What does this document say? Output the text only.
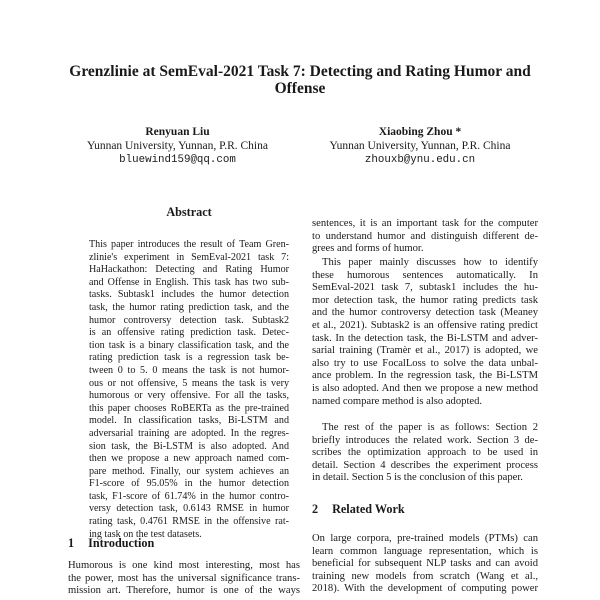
Grenzlinie at SemEval-2021 Task 7: Detecting and Rating Humor and
Offense
Renyuan Liu
Yunnan University, Yunnan, P.R. China
bluewind159@qq.com
Xiaobing Zhou *
Yunnan University, Yunnan, P.R. China
zhouxb@ynu.edu.cn
Abstract
This paper introduces the result of Team Gren-
zlinie's experiment in SemEval-2021 task 7:
HaHackathon: Detecting and Rating Humor
and Offense in English. This task has two sub-
tasks. Subtask1 includes the humor detection
task, the humor rating prediction task, and the
humor controversy detection task. Subtask2
is an offensive rating prediction task. Detec-
tion task is a binary classification task, and the
rating prediction task is a regression task be-
tween 0 to 5. 0 means the task is not humor-
ous or not offensive, 5 means the task is very
humorous or very offensive. For all the tasks,
this paper chooses RoBERTa as the pre-trained
model. In classification tasks, Bi-LSTM and
adversarial training are adopted. In the regres-
sion task, the Bi-LSTM is also adopted. And
then we propose a new approach named com-
pare method. Finally, our system achieves an
F1-score of 95.05% in the humor detection
task, F1-score of 61.74% in the humor contro-
versy detection task, 0.6143 RMSE in humor
rating task, 0.4761 RMSE in the offensive rat-
ing task on the test datasets.
1 Introduction
Humorous is one kind most interesting, most has
the power, most has the universal significance trans-
mission art. Therefore, humor is one of the ways
sentences, it is an important task for the computer
to understand humor and distinguish different de-
grees and forms of humor.
This paper mainly discusses how to identify
these humorous sentences automatically. In
SemEval-2021 task 7, subtask1 includes the hu-
mor detection task, the humor rating predicts task
and the humor controversy detection task (Meaney
et al., 2021). Subtask2 is an offensive rating predict
task. In the detection task, the Bi-LSTM and adver-
sarial training (Tramèr et al., 2017) is adopted, we
also try to use FocalLoss to solve the data unbal-
ance problem. In the regression task, the Bi-LSTM
is also adopted. And then we propose a new method
named compare method is also adopted.
The rest of the paper is as follows: Section 2
briefly introduces the related work. Section 3 de-
scribes the optimization approach to be used in
detail. Section 4 describes the experiment process
in detail. Section 5 is the conclusion of this paper.
2 Related Work
On large corpora, pre-trained models (PTMs) can
learn common language representation, which is
beneficial for subsequent NLP tasks and can avoid
training new models from scratch (Wang et al.,
2018). With the development of computing power
